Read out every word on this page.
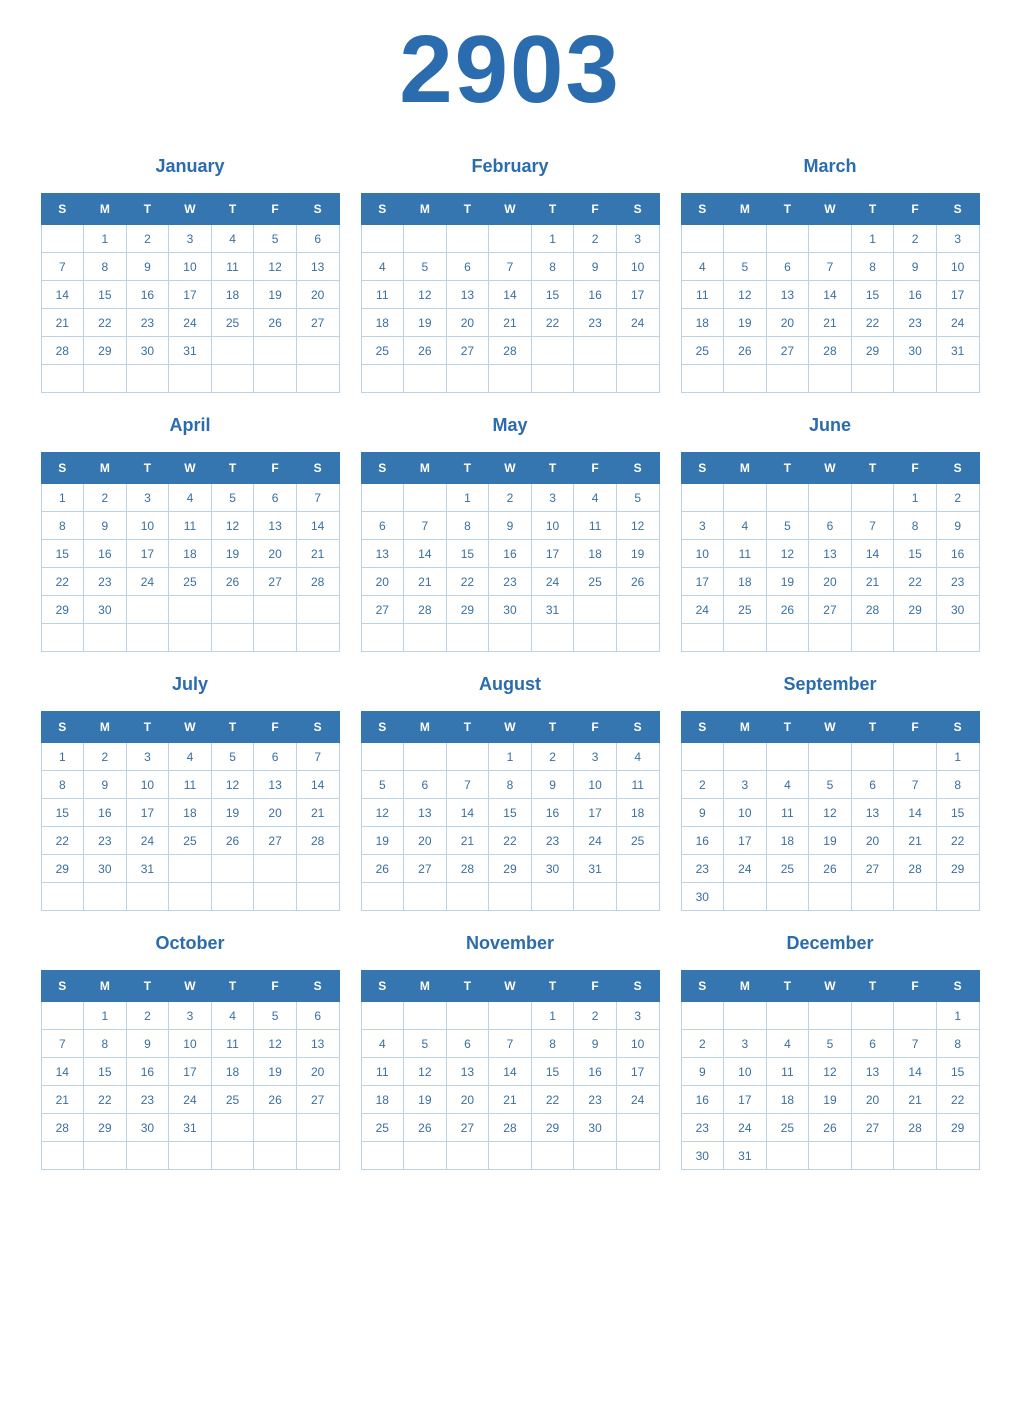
2903
January
S	M	T	W	T	F	S
	1	2	3	4	5	6
7	8	9	10	11	12	13
14	15	16	17	18	19	20
21	22	23	24	25	26	27
28	29	30	31			

February
S	M	T	W	T	F	S
				1	2	3
4	5	6	7	8	9	10
11	12	13	14	15	16	17
18	19	20	21	22	23	24
25	26	27	28			

March
S	M	T	W	T	F	S
				1	2	3
4	5	6	7	8	9	10
11	12	13	14	15	16	17
18	19	20	21	22	23	24
25	26	27	28	29	30	31

April
S	M	T	W	T	F	S
1	2	3	4	5	6	7
8	9	10	11	12	13	14
15	16	17	18	19	20	21
22	23	24	25	26	27	28
29	30					

May
S	M	T	W	T	F	S
		1	2	3	4	5
6	7	8	9	10	11	12
13	14	15	16	17	18	19
20	21	22	23	24	25	26
27	28	29	30	31		

June
S	M	T	W	T	F	S
					1	2
3	4	5	6	7	8	9
10	11	12	13	14	15	16
17	18	19	20	21	22	23
24	25	26	27	28	29	30

July
S	M	T	W	T	F	S
1	2	3	4	5	6	7
8	9	10	11	12	13	14
15	16	17	18	19	20	21
22	23	24	25	26	27	28
29	30	31				

August
S	M	T	W	T	F	S
			1	2	3	4
5	6	7	8	9	10	11
12	13	14	15	16	17	18
19	20	21	22	23	24	25
26	27	28	29	30	31	

September
S	M	T	W	T	F	S
						1
2	3	4	5	6	7	8
9	10	11	12	13	14	15
16	17	18	19	20	21	22
23	24	25	26	27	28	29
30						
October
S	M	T	W	T	F	S
	1	2	3	4	5	6
7	8	9	10	11	12	13
14	15	16	17	18	19	20
21	22	23	24	25	26	27
28	29	30	31			

November
S	M	T	W	T	F	S
				1	2	3
4	5	6	7	8	9	10
11	12	13	14	15	16	17
18	19	20	21	22	23	24
25	26	27	28	29	30	

December
S	M	T	W	T	F	S
						1
2	3	4	5	6	7	8
9	10	11	12	13	14	15
16	17	18	19	20	21	22
23	24	25	26	27	28	29
30	31					
